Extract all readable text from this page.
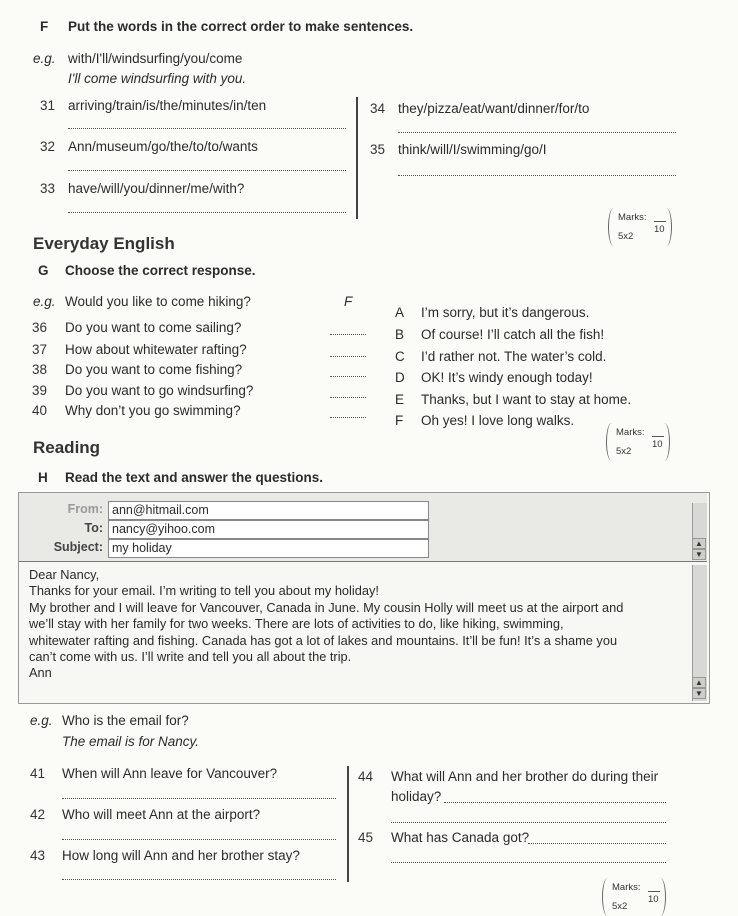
F Put the words in the correct order to make sentences.
e.g. with/I'll/windsurfing/you/come
I'll come windsurfing with you.
31 arriving/train/is/the/minutes/in/ten
32 Ann/museum/go/the/to/to/wants
33 have/will/you/dinner/me/with?
34 they/pizza/eat/want/dinner/for/to
35 think/will/I/swimming/go/I
Marks:
10
5x2
Everyday English
G Choose the correct response.
e.g. Would you like to come hiking?	F
36 Do you want to come sailing?
37 How about whitewater rafting?
38 Do you want to come fishing?
39 Do you want to go windsurfing?
40 Why don’t you go swimming?
A I’m sorry, but it’s dangerous.
B Of course! I’ll catch all the fish!
C I’d rather not. The water’s cold.
D OK! It’s windy enough today!
E Thanks, but I want to stay at home.
F Oh yes! I love long walks.
Marks:
10
5x2
Reading
H Read the text and answer the questions.
From: ann@hitmail.com
To: nancy@yihoo.com
Subject: my holiday	▲
▼
Dear Nancy,
Thanks for your email. I’m writing to tell you about my holiday!
My brother and I will leave for Vancouver, Canada in June. My cousin Holly will meet us at the airport and
we’ll stay with her family for two weeks. There are lots of activities to do, like hiking, swimming,
whitewater rafting and fishing. Canada has got a lot of lakes and mountains. It’ll be fun! It’s a shame you
can’t come with us. I’ll write and tell you all about the trip.
Ann
▲
▼
e.g. Who is the email for?
The email is for Nancy.
41 When will Ann leave for Vancouver?
42 Who will meet Ann at the airport?
43 How long will Ann and her brother stay?
44 What will Ann and her brother do during their
holiday?
45 What has Canada got?
Marks:
10
5x2
